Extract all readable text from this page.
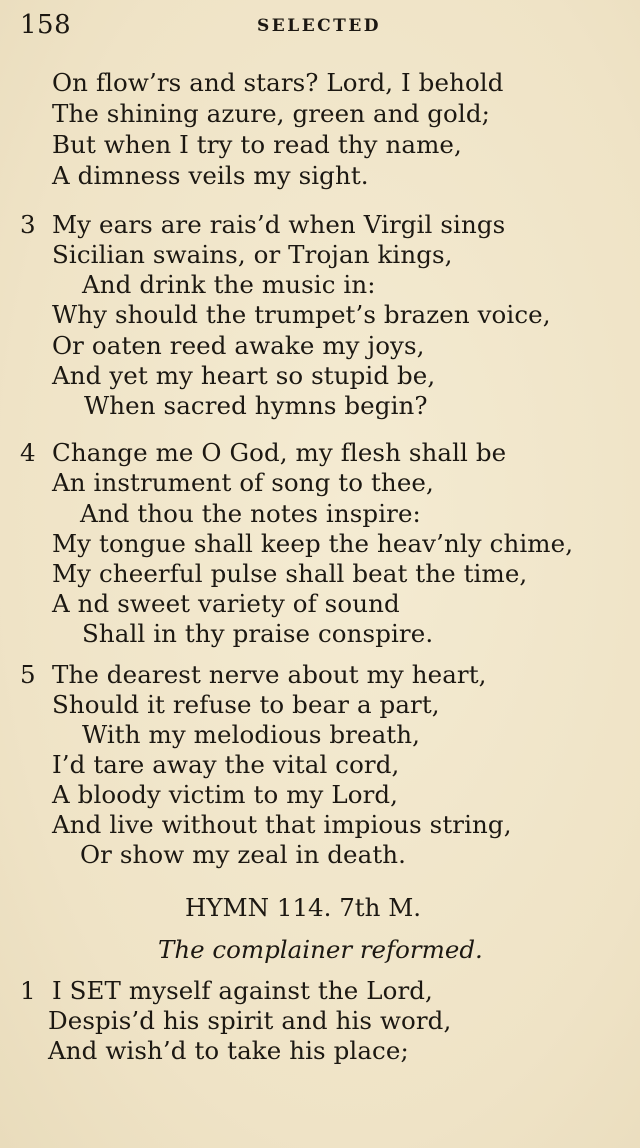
158	SELECTED
On flow’rs and stars? Lord, I behold
The shining azure, green and gold;
But when I try to read thy name,
A dimness veils my sight.
3 My ears are rais’d when Virgil sings
Sicilian swains, or Trojan kings,
And drink the music in:
Why should the trumpet’s brazen voice,
Or oaten reed awake my joys,
And yet my heart so stupid be,
When sacred hymns begin?
4 Change me O God, my flesh shall be
An instrument of song to thee,
And thou the notes inspire:
My tongue shall keep the heav’nly chime,
My cheerful pulse shall beat the time,
A nd sweet variety of sound
Shall in thy praise conspire.
5 The dearest nerve about my heart,
Should it refuse to bear a part,
With my melodious breath,
I’d tare away the vital cord,
A bloody victim to my Lord,
And live without that impious string,
Or show my zeal in death.
HYMN 114. 7th M.
The complainer reformed.
1 I SET myself against the Lord,
Despis’d his spirit and his word,
And wish’d to take his place;
